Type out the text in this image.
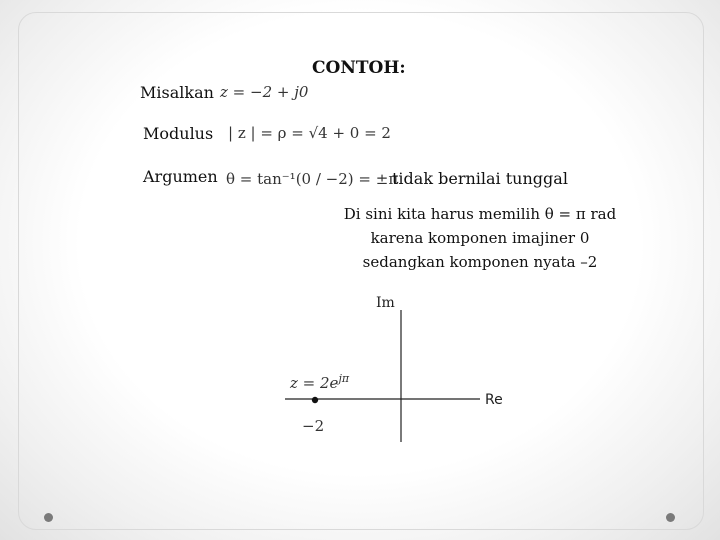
CONTOH:
Misalkan z = −2 + j0
Modulus | z | = ρ = √4 + 0 = 2
Argumen θ = tan⁻¹(0 / −2) = ±π
tidak bernilai tunggal
Di sini kita harus memilih θ = π rad
karena komponen imajiner 0
sedangkan komponen nyata –2
Im
Re
$z = 2e^{j\pi}$
−2
